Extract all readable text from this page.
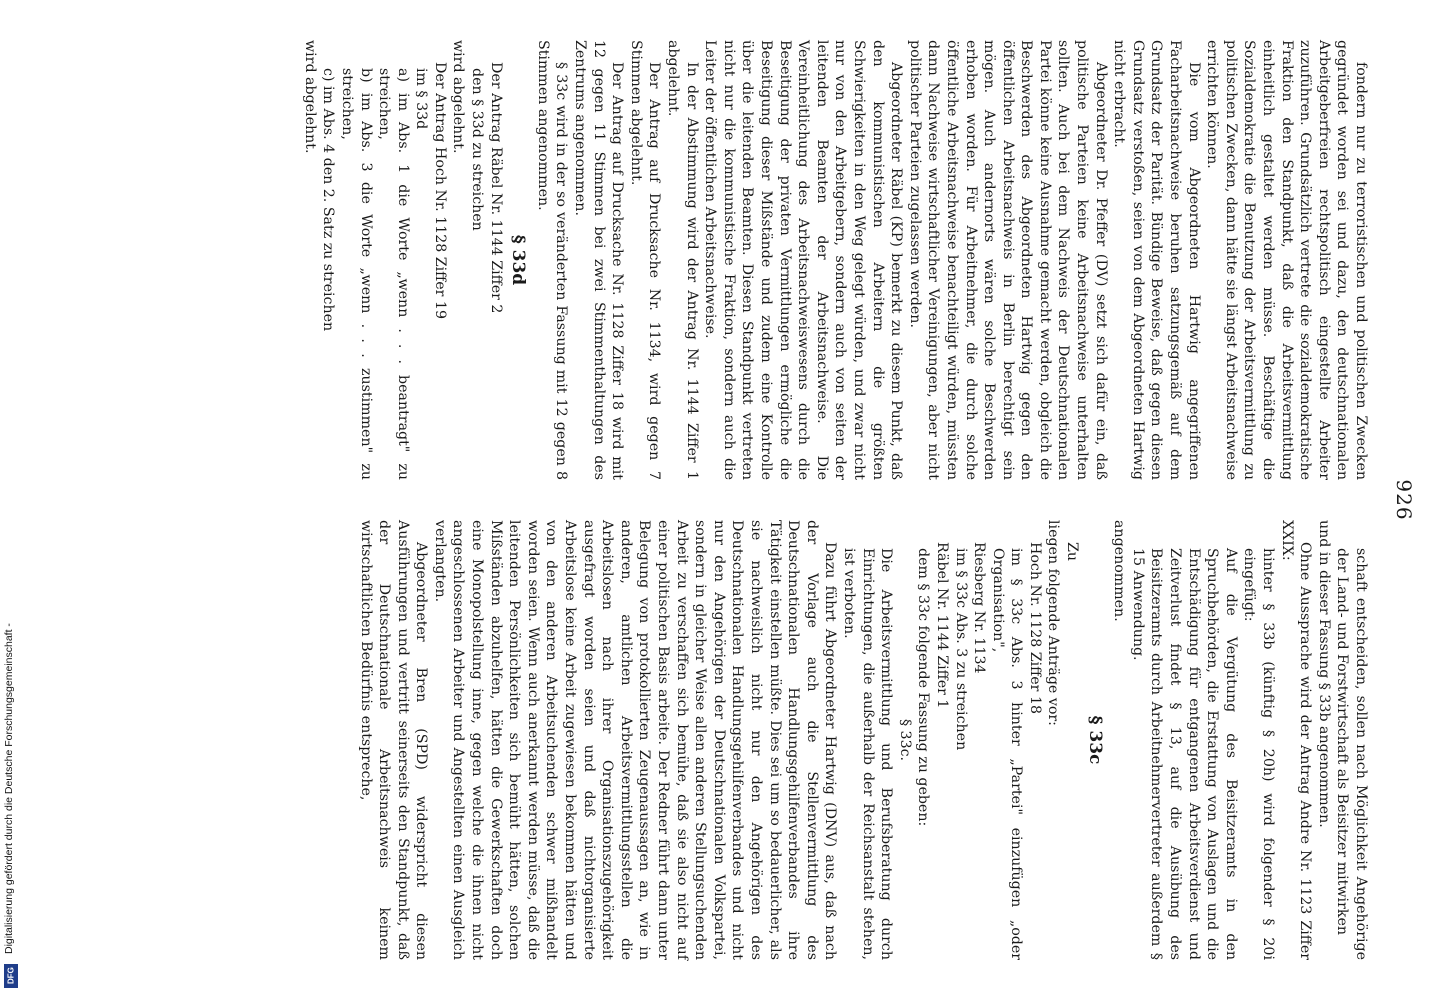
926

fondern nur zu terroristischen und politischen Zwecken gegründet worden sei und dazu, den deutschnationalen Arbeitgeberfreien rechtspolitisch eingestellte Arbeiter zuzuführen. Grundsätzlich vertrete die sozialdemokratische Fraktion den Standpunkt, daß die Arbeitsvermittlung einheitlich gestaltet werden müsse. Beschäftige die Sozialdemokratie die Benutzung der Arbeitsvermittlung zu politischen Zwecken, dann hätte sie längst Arbeitsnachweise errichten können.

Die vom Abgeordneten Hartwig angegriffenen Facharbeitsnachweise beruhen satzungsgemäß auf dem Grundsatz der Parität. Bündige Beweise, daß gegen diesen Grundsatz verstoßen, seien von dem Abgeordneten Hartwig nicht erbracht.

Abgeordneter Dr. Pfeffer (DV) setzt sich dafür ein, daß politische Parteien keine Arbeitsnachweise unterhalten sollten. Auch bei dem Nachweis der Deutschnationalen Partei könne keine Ausnahme gemacht werden, obgleich die Beschwerden des Abgeordneten Hartwig gegen den öffentlichen Arbeitsnachweis in Berlin berechtigt sein mögen. Auch andernorts wären solche Beschwerden erhoben worden. Für Arbeitnehmer, die durch solche öffentliche Arbeitsnachweise benachteiligt würden, müssten dann Nachweise wirtschaftlicher Vereinigungen, aber nicht politischer Parteien zugelassen werden.

Abgeordneter Räbel (KP) bemerkt zu diesem Punkt, daß den kommunistischen Arbeitern die größten Schwierigkeiten in den Weg gelegt würden, und zwar nicht nur von den Arbeitgebern, sondern auch von seiten der leitenden Beamten der Arbeitsnachweise. Die Vereinheitlichung des Arbeitsnachweiswesens durch die Beseitigung der privaten Vermittlungen ermögliche die Beseitigung dieser Mißstände und zudem eine Kontrolle über die leitenden Beamten. Diesen Standpunkt vertreten nicht nur die kommunistische Fraktion, sondern auch die Leiter der öffentlichen Arbeitsnachweise.

In der Abstimmung wird der Antrag Nr. 1144 Ziffer 1 abgelehnt.

Der Antrag auf Drucksache Nr. 1134, wird gegen 7 Stimmen abgelehnt.

Der Antrag auf Drucksache Nr. 1128 Ziffer 18 wird mit 12 gegen 11 Stimmen bei zwei Stimmenthaltungen des Zentrums angenommen.

§ 33c wird in der so veränderten Fassung mit 12 gegen 8 Stimmen angenommen.

§ 33d

Der Antrag Räbel Nr. 1144 Ziffer 2

den § 33d zu streichen

wird abgelehnt.

Der Antrag Hoch Nr. 1128 Ziffer 19

im § 33d

a) im Abs. 1 die Worte „wenn . . . beantragt" zu streichen,

b) im Abs. 3 die Worte „wenn . . . zustimmen" zu streichen,

c) im Abs. 4 den 2. Satz zu streichen

wird abgelehnt.

schaft entscheiden, sollen nach Möglichkeit Angehörige der Land- und Forstwirtschaft als Beisitzer mitwirken

und in dieser Fassung § 33b angenommen.

Ohne Aussprache wird der Antrag Andre Nr. 1123 Ziffer XXIX:

hinter § 33b (künftig § 20h) wird folgender § 20i eingefügt:

Auf die Vergütung des Beisitzeramts in den Spruchbehörden, die Erstattung von Auslagen und die Entschädigung für entgangenen Arbeitsverdienst und Zeitverlust findet § 13, auf die Ausübung des Beisitzeramts durch Arbeitnehmervertreter außerdem § 15 Anwendung.

angenommen.

§ 33c

Zu

liegen folgende Anträge vor:

Hoch Nr. 1128 Ziffer 18

im § 33c Abs. 3 hinter „Partei" einzufügen „oder Organisation",

Riesberg Nr. 1134

im § 33c Abs. 3 zu streichen

Räbel Nr. 1144 Ziffer 1

dem § 33c folgende Fassung zu geben:

§ 33c.

Die Arbeitsvermittlung und Berufsberatung durch Einrichtungen, die außerhalb der Reichsanstalt stehen, ist verboten.

Dazu führt Abgeordneter Hartwig (DNV) aus, daß nach der Vorlage auch die Stellenvermittlung des Deutschnationalen Handlungsgehilfenverbandes ihre Tätigkeit einstellen müßte. Dies sei um so bedauerlicher, als sie nachweislich nicht nur den Angehörigen des Deutschnationalen Handlungsgehilfenverbandes und nicht nur den Angehörigen der Deutschnationalen Volkspartei, sondern in gleicher Weise allen anderen Stellungsuchenden Arbeit zu verschaffen sich bemühe, daß sie also nicht auf einer politischen Basis arbeite. Der Redner führt dann unter Belegung von protokollierten Zeugenaussagen an, wie in anderen, amtlichen Arbeitsvermittlungsstellen die Arbeitslosen nach ihrer Organisationszugehörigkeit ausgefragt worden seien und daß nichtorganisierte Arbeitslose keine Arbeit zugewiesen bekommen hätten und von den anderen Arbeitsuchenden schwer mißhandelt worden seien. Wenn auch anerkannt werden müsse, daß die leitenden Persönlichkeiten sich bemüht hätten, solchen Mißständen abzuhelfen, hätten die Gewerkschaften doch eine Monopolstellung inne, gegen welche die ihnen nicht angeschlossenen Arbeiter und Angestellten einen Ausgleich verlangten.

Abgeordneter Bren (SPD) widerspricht diesen Ausführungen und vertritt seinerseits den Standpunkt, daß der Deutschnationale Arbeitsnachweis keinem wirtschaftlichen Bedürfnis entspreche,

Digitalisierung gefördert durch die Deutsche Forschungsgemeinschaft -
DFG
